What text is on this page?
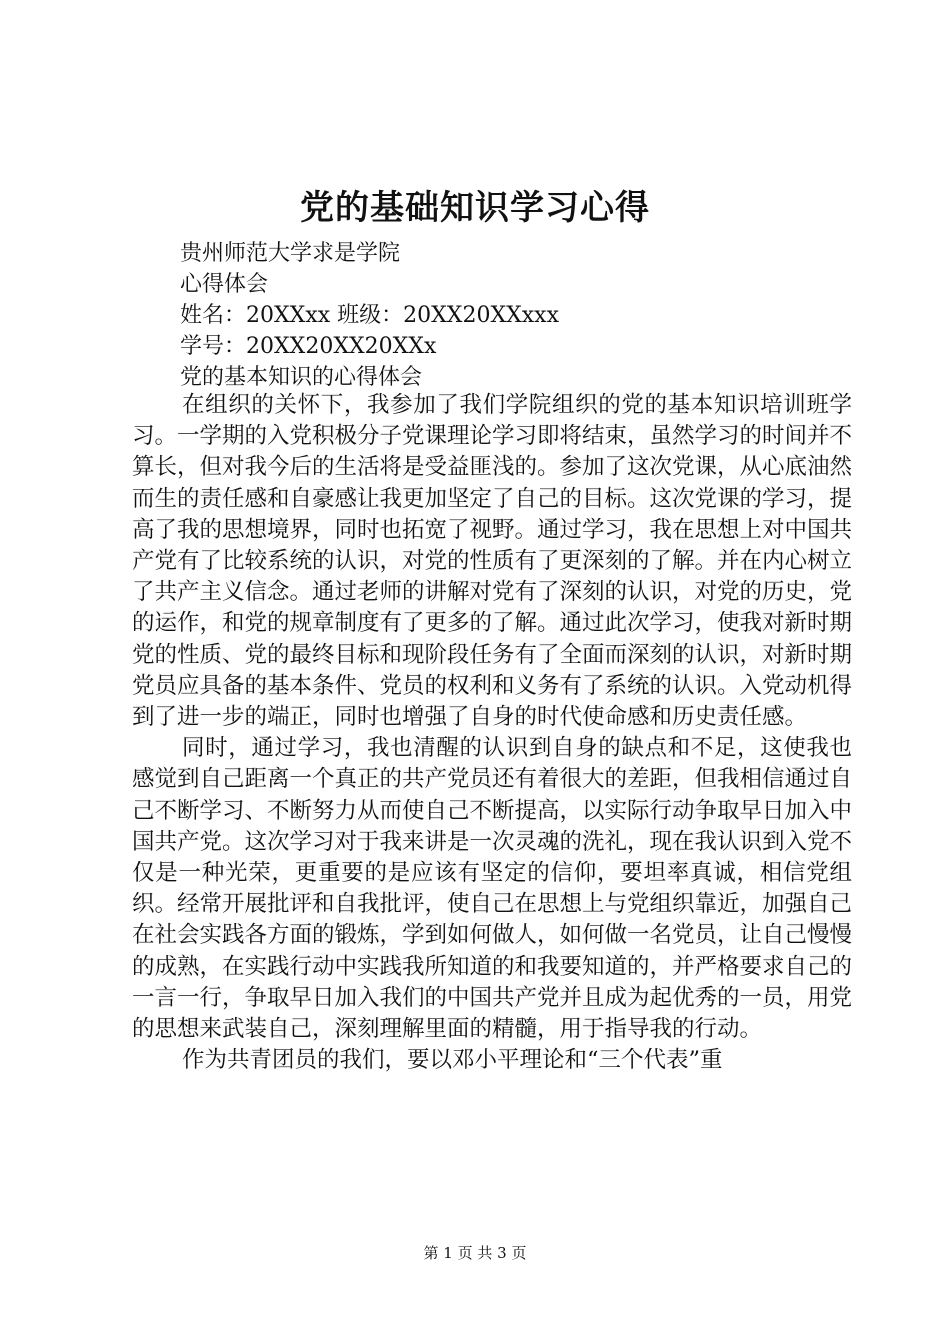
党的基础知识学习心得
贵州师范大学求是学院
心得体会
姓名：20XXxx 班级：20XX20XXxxx
学号：20XX20XX20XXx
党的基本知识的心得体会

在组织的关怀下，我参加了我们学院组织的党的基本知识培训班学习。一学期的入党积极分子党课理论学习即将结束，虽然学习的时间并不算长，但对我今后的生活将是受益匪浅的。参加了这次党课，从心底油然而生的责任感和自豪感让我更加坚定了自己的目标。这次党课的学习，提高了我的思想境界，同时也拓宽了视野。通过学习，我在思想上对中国共产党有了比较系统的认识，对党的性质有了更深刻的了解。并在内心树立了共产主义信念。通过老师的讲解对党有了深刻的认识，对党的历史，党的运作，和党的规章制度有了更多的了解。通过此次学习，使我对新时期党的性质、党的最终目标和现阶段任务有了全面而深刻的认识，对新时期党员应具备的基本条件、党员的权利和义务有了系统的认识。入党动机得到了进一步的端正，同时也增强了自身的时代使命感和历史责任感。

同时，通过学习，我也清醒的认识到自身的缺点和不足，这使我也感觉到自己距离一个真正的共产党员还有着很大的差距，但我相信通过自己不断学习、不断努力从而使自己不断提高，以实际行动争取早日加入中国共产党。这次学习对于我来讲是一次灵魂的洗礼，现在我认识到入党不仅是一种光荣，更重要的是应该有坚定的信仰，要坦率真诚，相信党组织。经常开展批评和自我批评，使自己在思想上与党组织靠近，加强自己在社会实践各方面的锻炼，学到如何做人，如何做一名党员，让自己慢慢的成熟，在实践行动中实践我所知道的和我要知道的，并严格要求自己的一言一行，争取早日加入我们的中国共产党并且成为起优秀的一员，用党的思想来武装自己，深刻理解里面的精髓，用于指导我的行动。

作为共青团员的我们，要以邓小平理论和“三个代表”重

第 1 页 共 3 页
